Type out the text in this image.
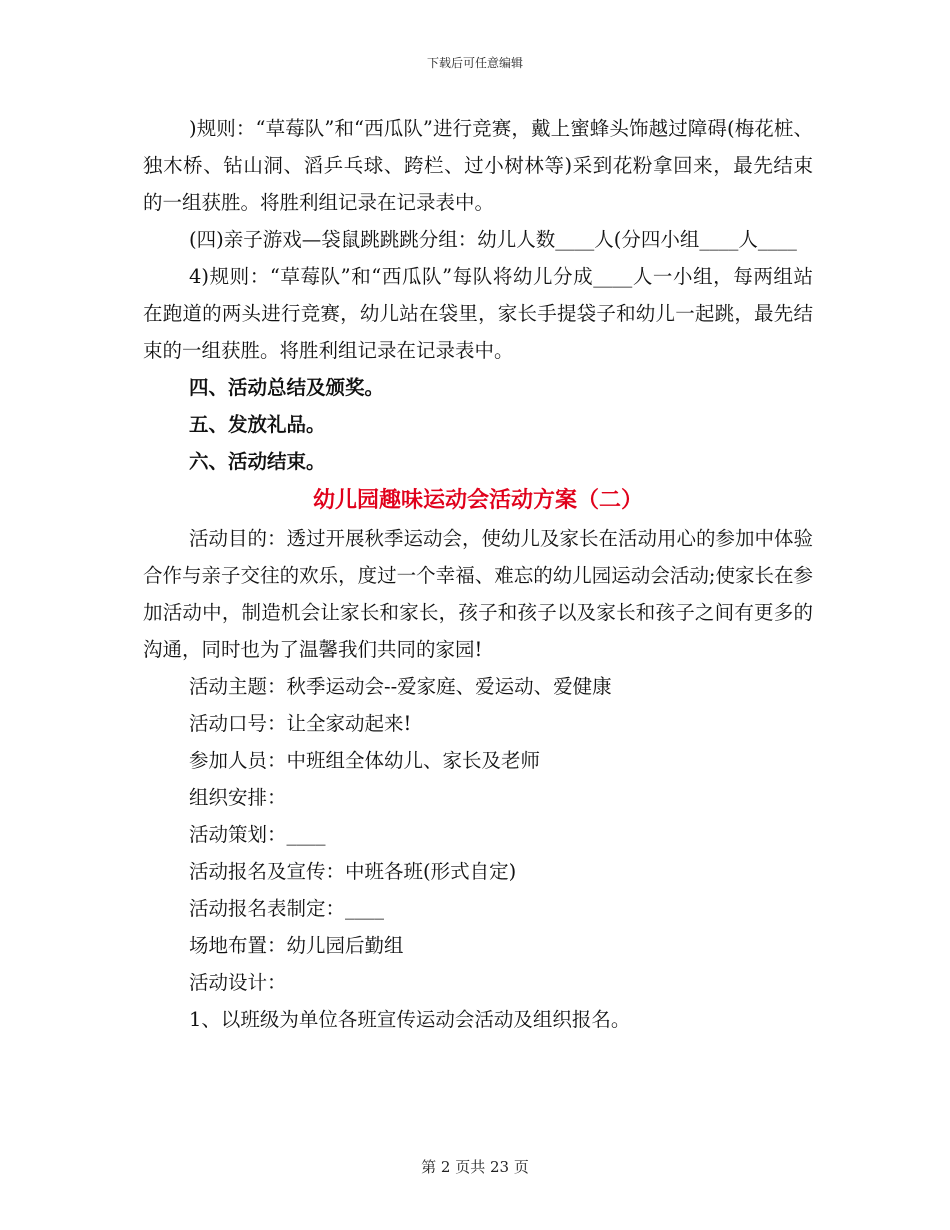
下载后可任意编辑

)规则：“草莓队”和“西瓜队”进行竞赛，戴上蜜蜂头饰越过障碍(梅花桩、独木桥、钻山洞、滔乒乓球、跨栏、过小树林等)采到花粉拿回来，最先结束的一组获胜。将胜利组记录在记录表中。

(四)亲子游戏—袋鼠跳跳跳分组：幼儿人数____人(分四小组____人____

4)规则：“草莓队”和“西瓜队”每队将幼儿分成____人一小组，每两组站在跑道的两头进行竞赛，幼儿站在袋里，家长手提袋子和幼儿一起跳，最先结束的一组获胜。将胜利组记录在记录表中。

四、活动总结及颁奖。

五、发放礼品。

六、活动结束。

幼儿园趣味运动会活动方案（二）

活动目的：透过开展秋季运动会，使幼儿及家长在活动用心的参加中体验合作与亲子交往的欢乐，度过一个幸福、难忘的幼儿园运动会活动;使家长在参加活动中，制造机会让家长和家长，孩子和孩子以及家长和孩子之间有更多的沟通，同时也为了温馨我们共同的家园!

活动主题：秋季运动会--爱家庭、爱运动、爱健康

活动口号：让全家动起来!

参加人员：中班组全体幼儿、家长及老师

组织安排：

活动策划：____

活动报名及宣传：中班各班(形式自定)

活动报名表制定：____

场地布置：幼儿园后勤组

活动设计：

1、以班级为单位各班宣传运动会活动及组织报名。

第 2 页共 23 页
